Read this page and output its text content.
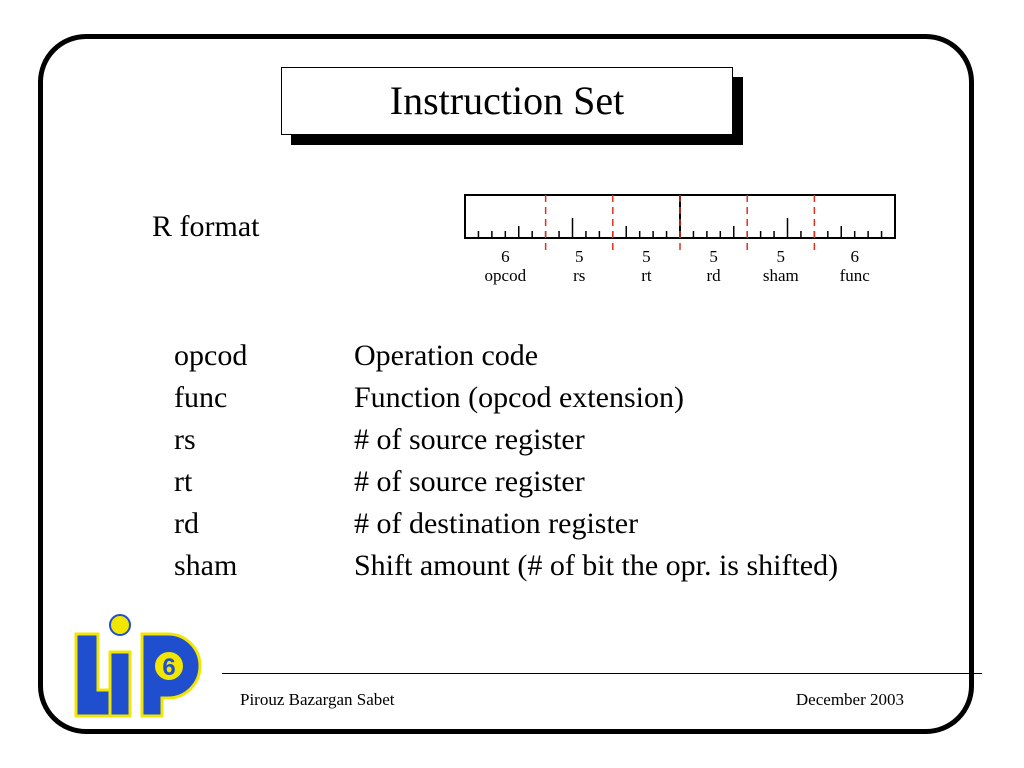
Instruction Set
R format
6
opcod
5
rs
5
rt
5
rd
5
sham
6
func
opcod	Operation code
func	Function (opcod extension)
rs	# of source register
rt	# of source register
rd	# of destination register
sham	Shift amount (# of bit the opr. is shifted)
6
Pirouz Bazargan Sabet	December 2003
